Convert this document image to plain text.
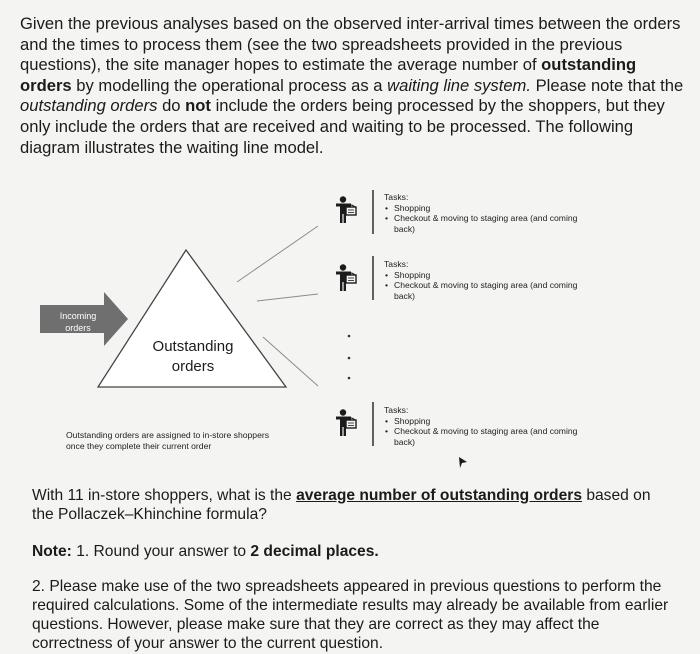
Given the previous analyses based on the observed inter-arrival times between the orders and the times to process them (see the two spreadsheets provided in the previous questions), the site manager hopes to estimate the average number of outstanding orders by modelling the operational process as a waiting line system. Please note that the outstanding orders do not include the orders being processed by the shoppers, but they only include the orders that are received and waiting to be processed. The following diagram illustrates the waiting line model.
Incoming
orders
Outstanding
orders
Tasks:
• Shopping
• Checkout & moving to staging area (and coming
back)
Tasks:
• Shopping
• Checkout & moving to staging area (and coming
back)
Tasks:
• Shopping
• Checkout & moving to staging area (and coming
back)
Outstanding orders are assigned to in-store shoppers
once they complete their current order
With 11 in-store shoppers, what is the average number of outstanding orders based on the Pollaczek–Khinchine formula?
Note: 1. Round your answer to 2 decimal places.
2. Please make use of the two spreadsheets appeared in previous questions to perform the required calculations. Some of the intermediate results may already be available from earlier questions. However, please make sure that they are correct as they may affect the correctness of your answer to the current question.
